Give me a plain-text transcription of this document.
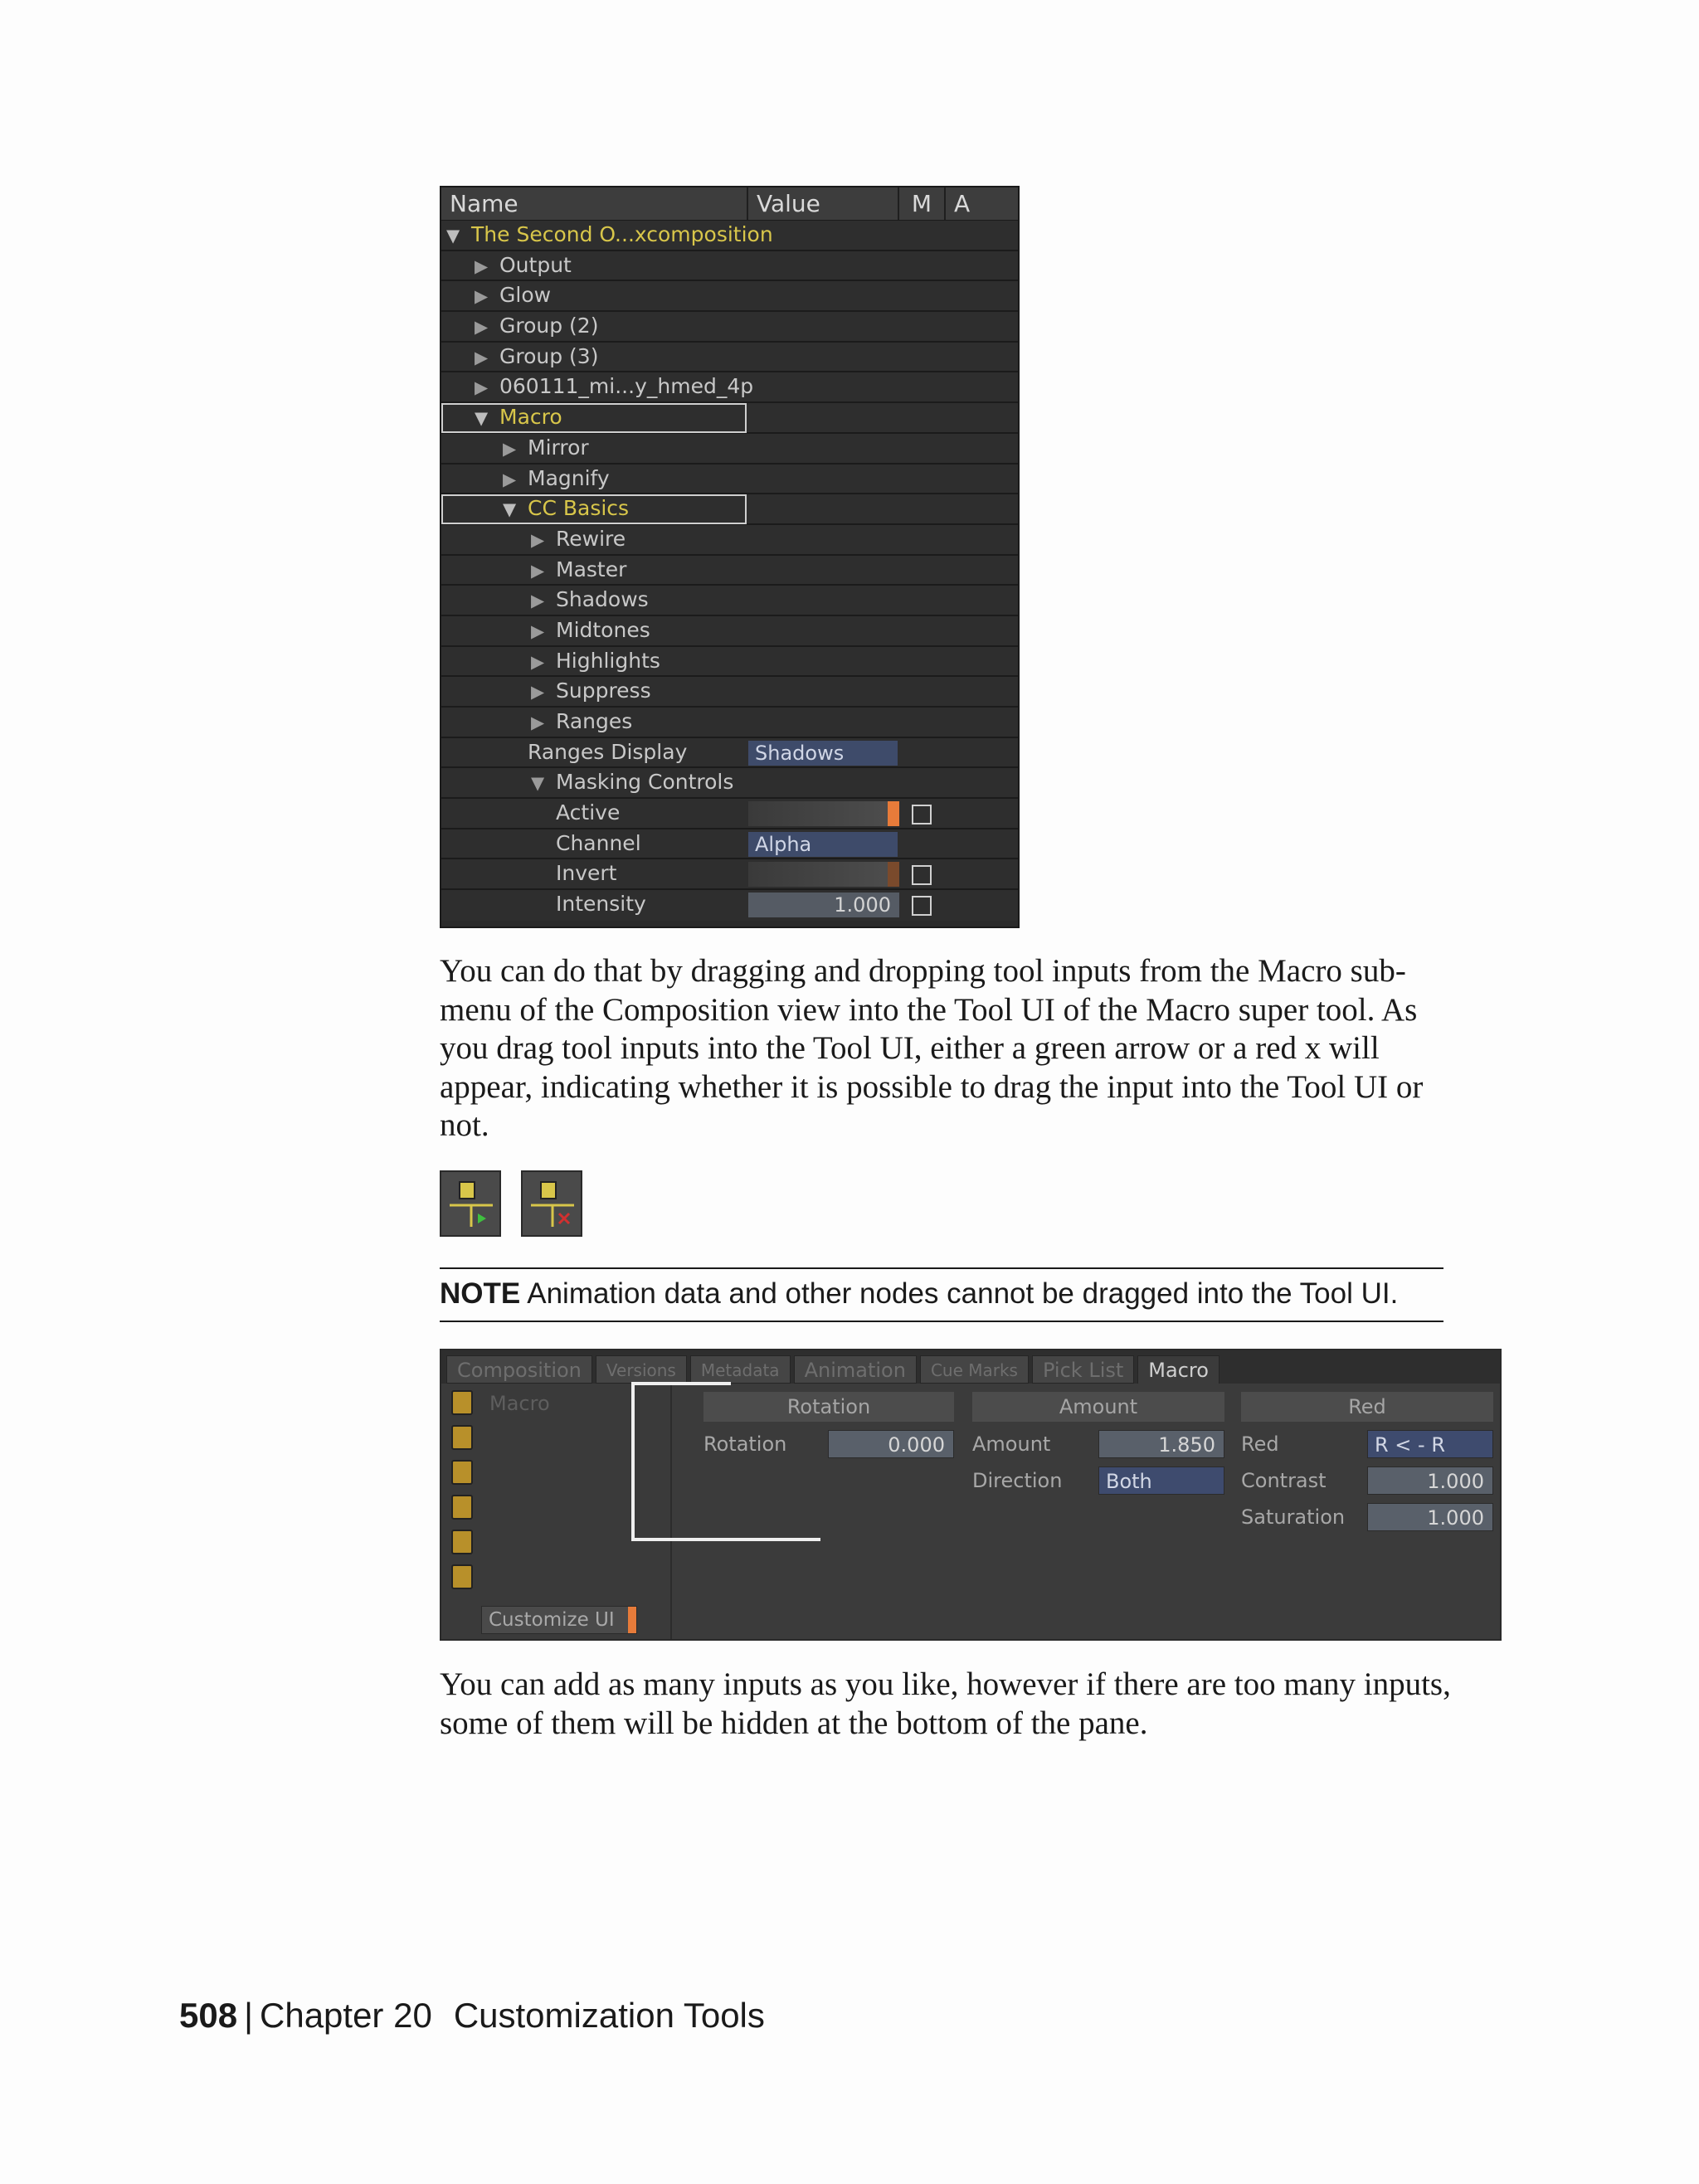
Name	Value	M A
▼ The Second O...xcomposition
▶ Output
▶ Glow
▶ Group (2)
▶ Group (3)
▶ 060111_mi...y_hmed_4p
▼ Macro
▶ Mirror
▶ Magnify
▼ CC Basics
▶ Rewire
▶ Master
▶ Shadows
▶ Midtones
▶ Highlights
▶ Suppress
▶ Ranges
Ranges Display	Shadows
▼ Masking Controls
Active
Channel	Alpha
Invert
Intensity	1.000

You can do that by dragging and dropping tool inputs from the Macro sub-menu of the Composition view into the Tool UI of the Macro super tool. As you drag tool inputs into the Tool UI, either a green arrow or a red x will appear, indicating whether it is possible to drag the input into the Tool UI or not.

NOTE Animation data and other nodes cannot be dragged into the Tool UI.
Composition	Versions	Metadata	Animation	Cue Marks	Pick List	Macro
Macro
Customize UI
Rotation
Rotation	0.000
Amount
Amount	1.850
Direction	Both
Red
Red	R < - R
Contrast	1.000
Saturation	1.000

You can add as many inputs as you like, however if there are too many inputs, some of them will be hidden at the bottom of the pane.

508 | Chapter 20 Customization Tools
